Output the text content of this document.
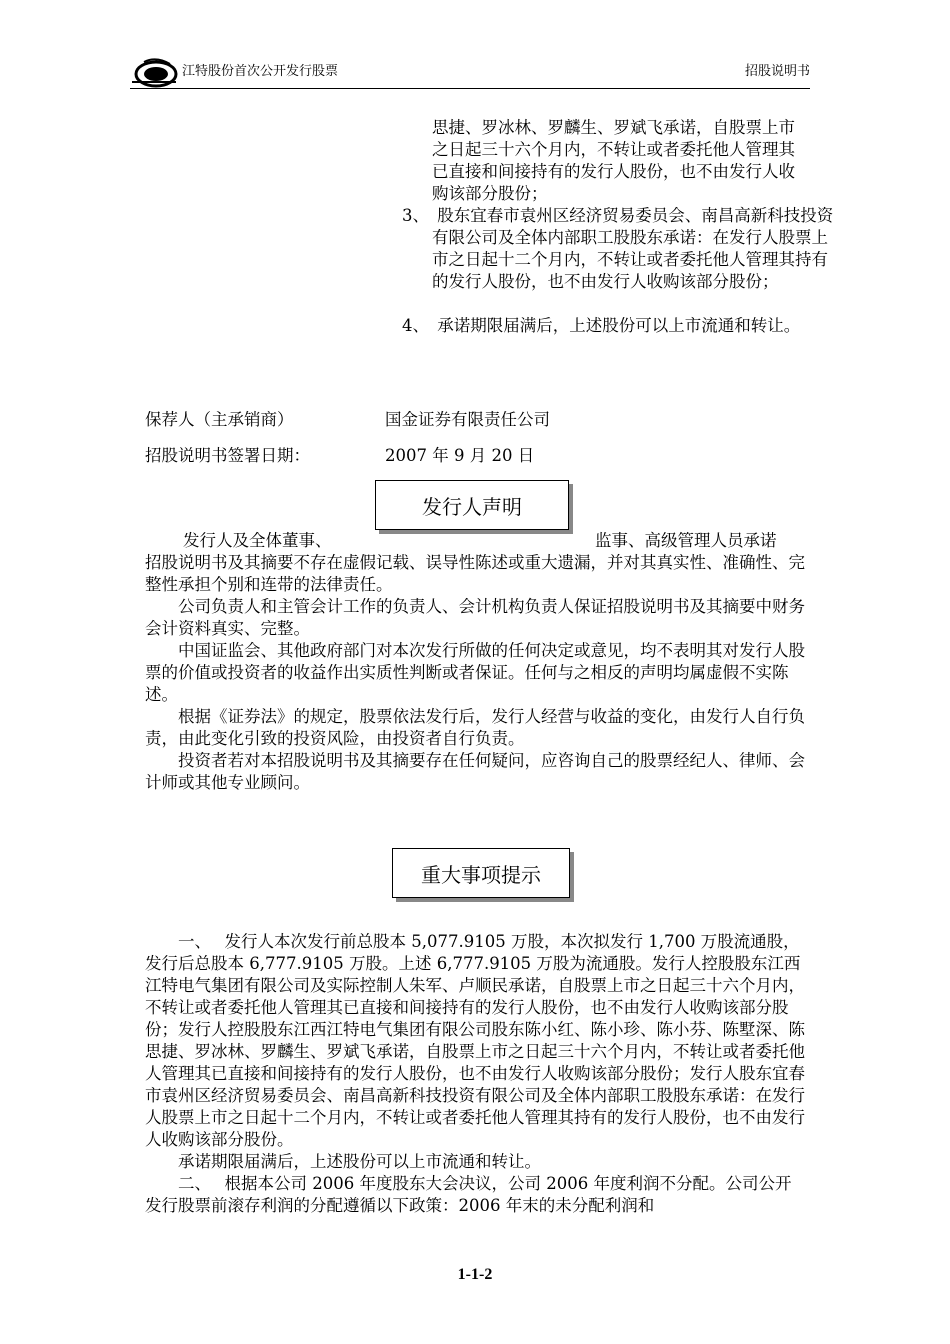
江特股份首次公开发行股票	招股说明书

思捷、罗冰林、罗麟生、罗斌飞承诺，自股票上市之日起三十六个月内，不转让或者委托他人管理其已直接和间接持有的发行人股份，也不由发行人收购该部分股份；

3、　股东宜春市袁州区经济贸易委员会、南昌高新科技投资有限公司及全体内部职工股股东承诺：在发行人股票上市之日起十二个月内，不转让或者委托他人管理其持有的发行人股份，也不由发行人收购该部分股份；

4、　承诺期限届满后，上述股份可以上市流通和转让。

保荐人（主承销商）	国金证券有限责任公司
招股说明书签署日期：	2007 年 9 月 20 日
发行人声明
发行人及全体董事、	监事、高级管理人员承诺

招股说明书及其摘要不存在虚假记载、误导性陈述或重大遗漏，并对其真实性、准确性、完整性承担个别和连带的法律责任。

公司负责人和主管会计工作的负责人、会计机构负责人保证招股说明书及其摘要中财务会计资料真实、完整。

中国证监会、其他政府部门对本次发行所做的任何决定或意见，均不表明其对发行人股票的价值或投资者的收益作出实质性判断或者保证。任何与之相反的声明均属虚假不实陈述。

根据《证券法》的规定，股票依法发行后，发行人经营与收益的变化，由发行人自行负责，由此变化引致的投资风险，由投资者自行负责。

投资者若对本招股说明书及其摘要存在任何疑问，应咨询自己的股票经纪人、律师、会计师或其他专业顾问。

重大事项提示

一、　 发行人本次发行前总股本 5,077.9105 万股，本次拟发行 1,700 万股流通股，发行后总股本 6,777.9105 万股。上述 6,777.9105 万股为流通股。发行人控股股东江西江特电气集团有限公司及实际控制人朱军、卢顺民承诺，自股票上市之日起三十六个月内，不转让或者委托他人管理其已直接和间接持有的发行人股份，也不由发行人收购该部分股份；发行人控股股东江西江特电气集团有限公司股东陈小红、陈小珍、陈小芬、陈墅深、陈思捷、罗冰林、罗麟生、罗斌飞承诺，自股票上市之日起三十六个月内，不转让或者委托他人管理其已直接和间接持有的发行人股份，也不由发行人收购该部分股份；发行人股东宜春市袁州区经济贸易委员会、南昌高新科技投资有限公司及全体内部职工股股东承诺：在发行人股票上市之日起十二个月内，不转让或者委托他人管理其持有的发行人股份，也不由发行人收购该部分股份。

承诺期限届满后，上述股份可以上市流通和转让。

二、　 根据本公司 2006 年度股东大会决议，公司 2006 年度利润不分配。公司公开发行股票前滚存利润的分配遵循以下政策：2006 年末的未分配利润和

1-1-2
